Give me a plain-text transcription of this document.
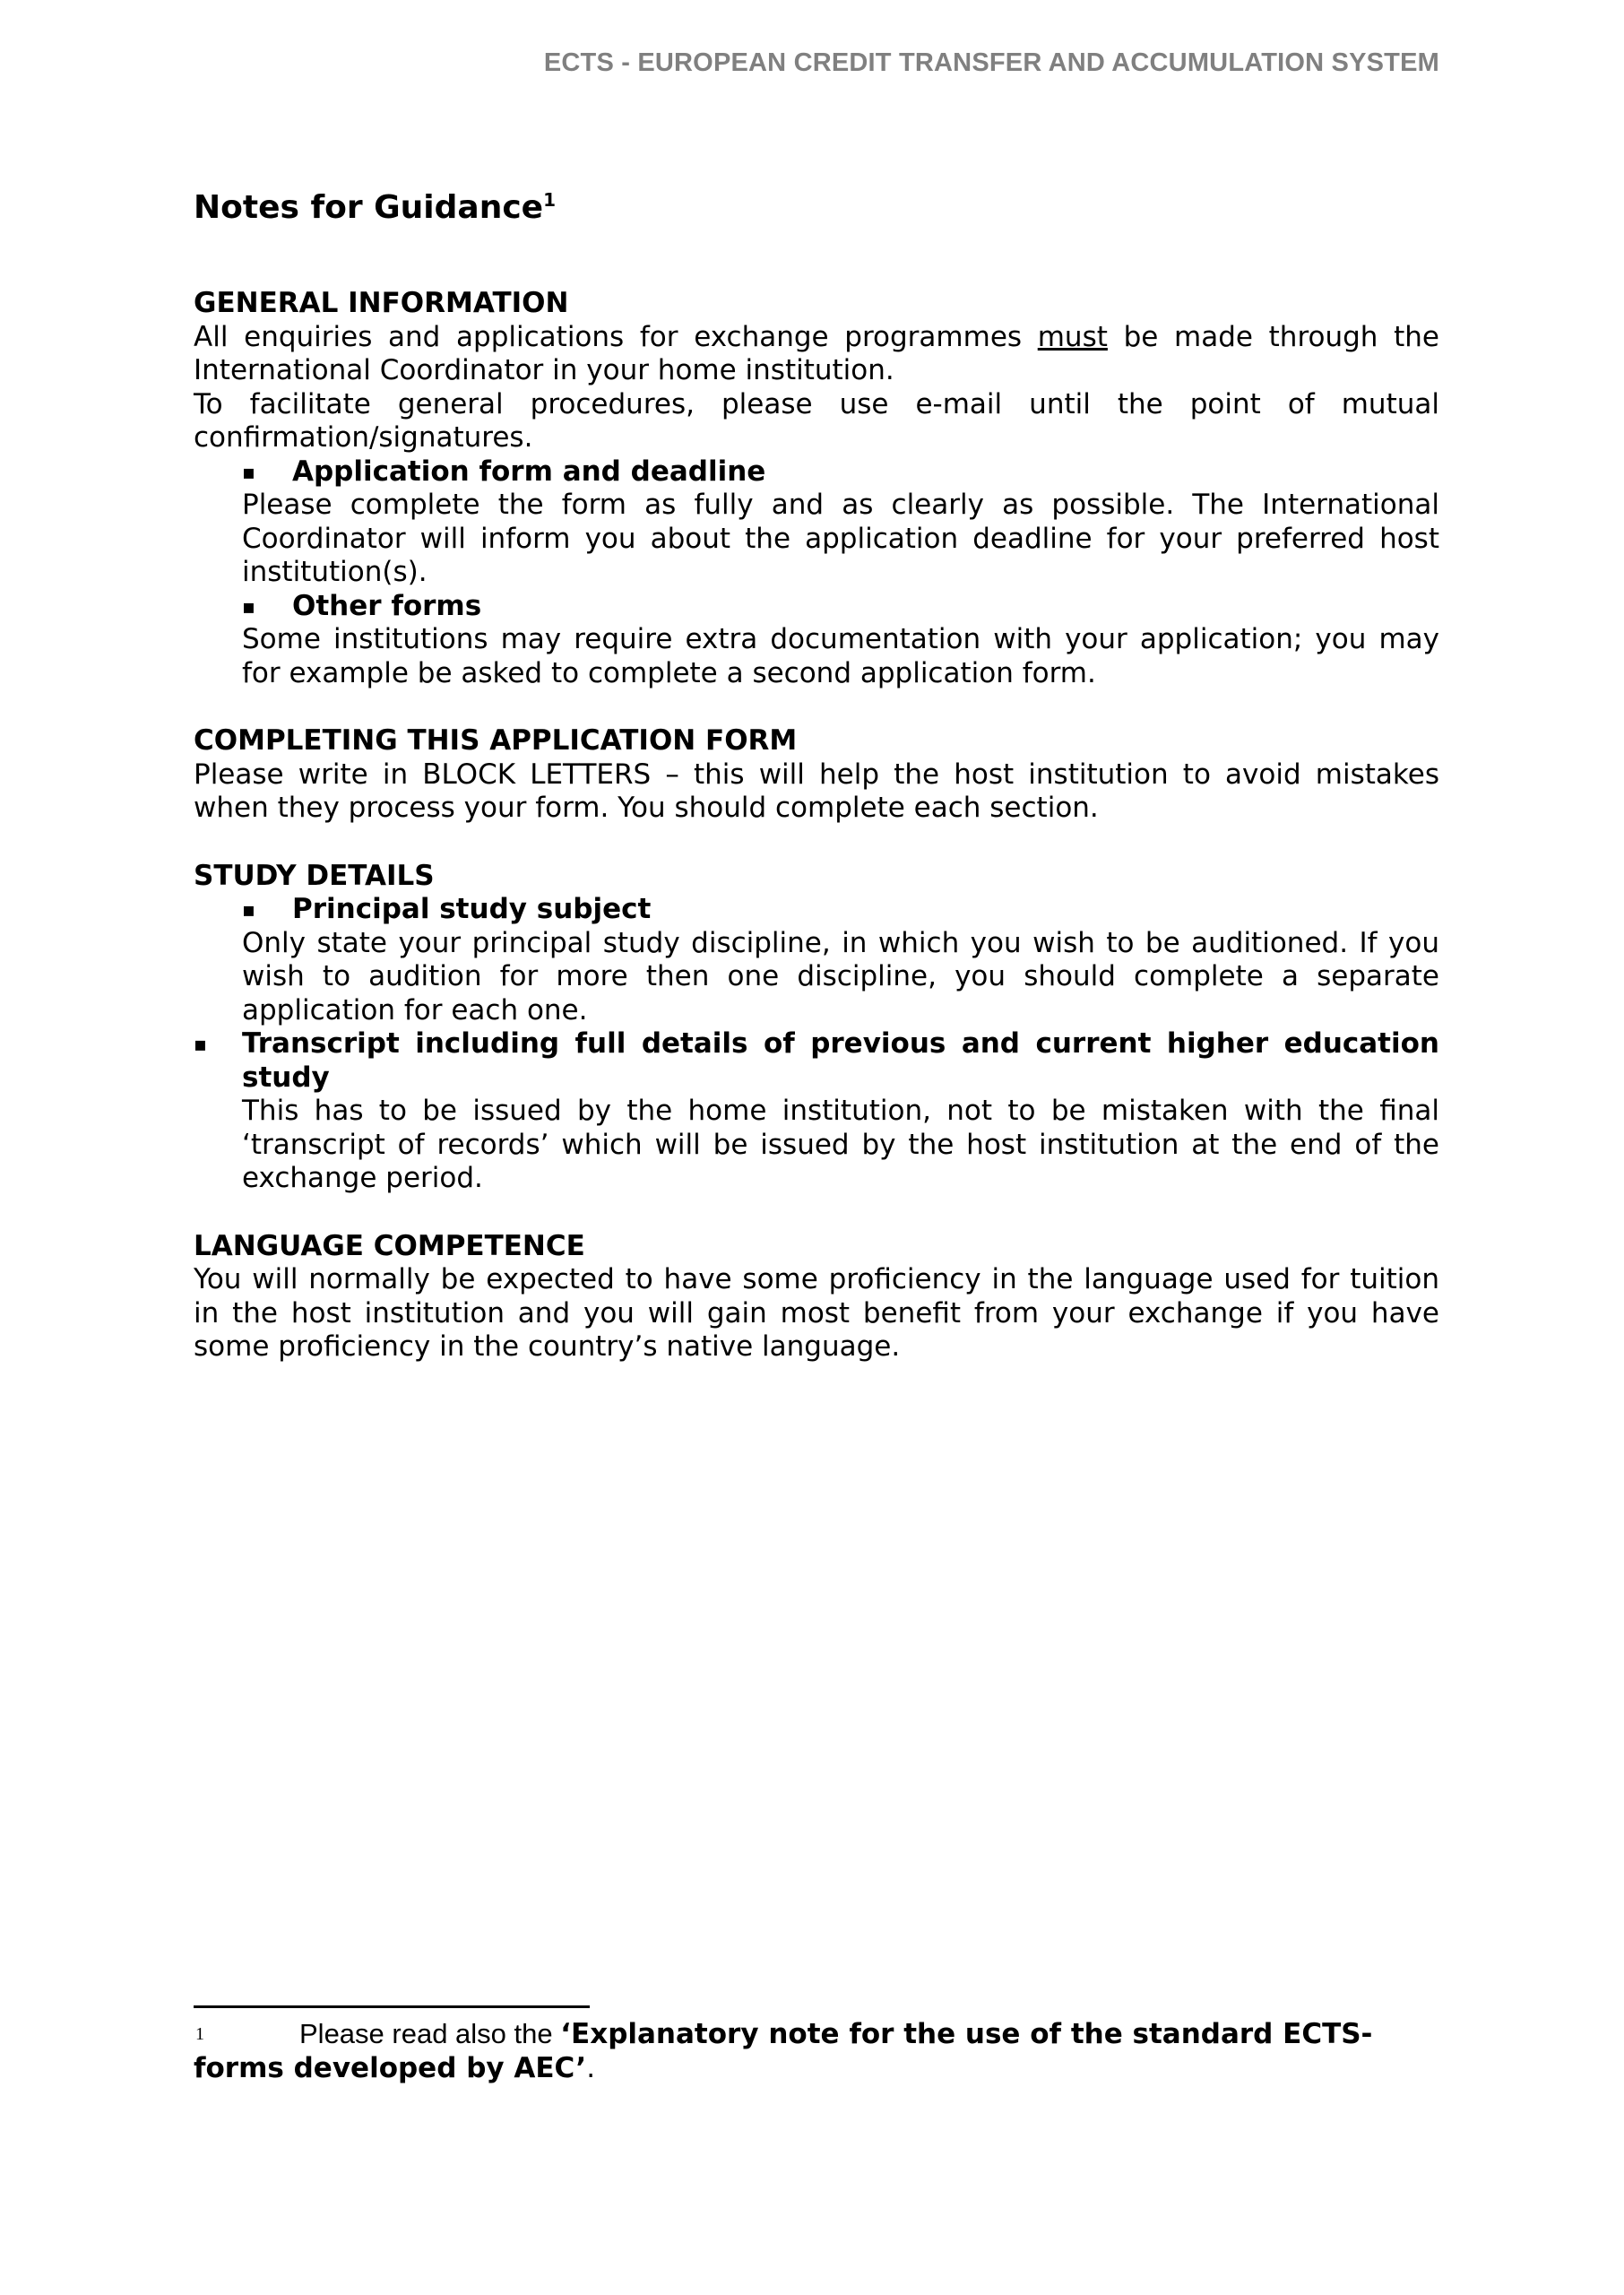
ECTS - EUROPEAN CREDIT TRANSFER AND ACCUMULATION SYSTEM
Notes for Guidance$^1$
GENERAL INFORMATION
All enquiries and applications for exchange programmes must be made through the International Coordinator in your home institution.
To facilitate general procedures, please use e-mail until the point of mutual confirmation/signatures.
▪ Application form and deadline
Please complete the form as fully and as clearly as possible. The International Coordinator will inform you about the application deadline for your preferred host institution(s).
▪ Other forms
Some institutions may require extra documentation with your application; you may for example be asked to complete a second application form.
COMPLETING THIS APPLICATION FORM
Please write in BLOCK LETTERS – this will help the host institution to avoid mistakes when they process your form. You should complete each section.
STUDY DETAILS
▪ Principal study subject
Only state your principal study discipline, in which you wish to be auditioned. If you wish to audition for more then one discipline, you should complete a separate application for each one.
▪ Transcript including full details of previous and current higher education study
This has to be issued by the home institution, not to be mistaken with the final ‘transcript of records’ which will be issued by the host institution at the end of the exchange period.
LANGUAGE COMPETENCE
You will normally be expected to have some proficiency in the language used for tuition in the host institution and you will gain most benefit from your exchange if you have some proficiency in the country’s native language.
1	Please read also the ‘Explanatory note for the use of the standard ECTS-forms developed by AEC’.
